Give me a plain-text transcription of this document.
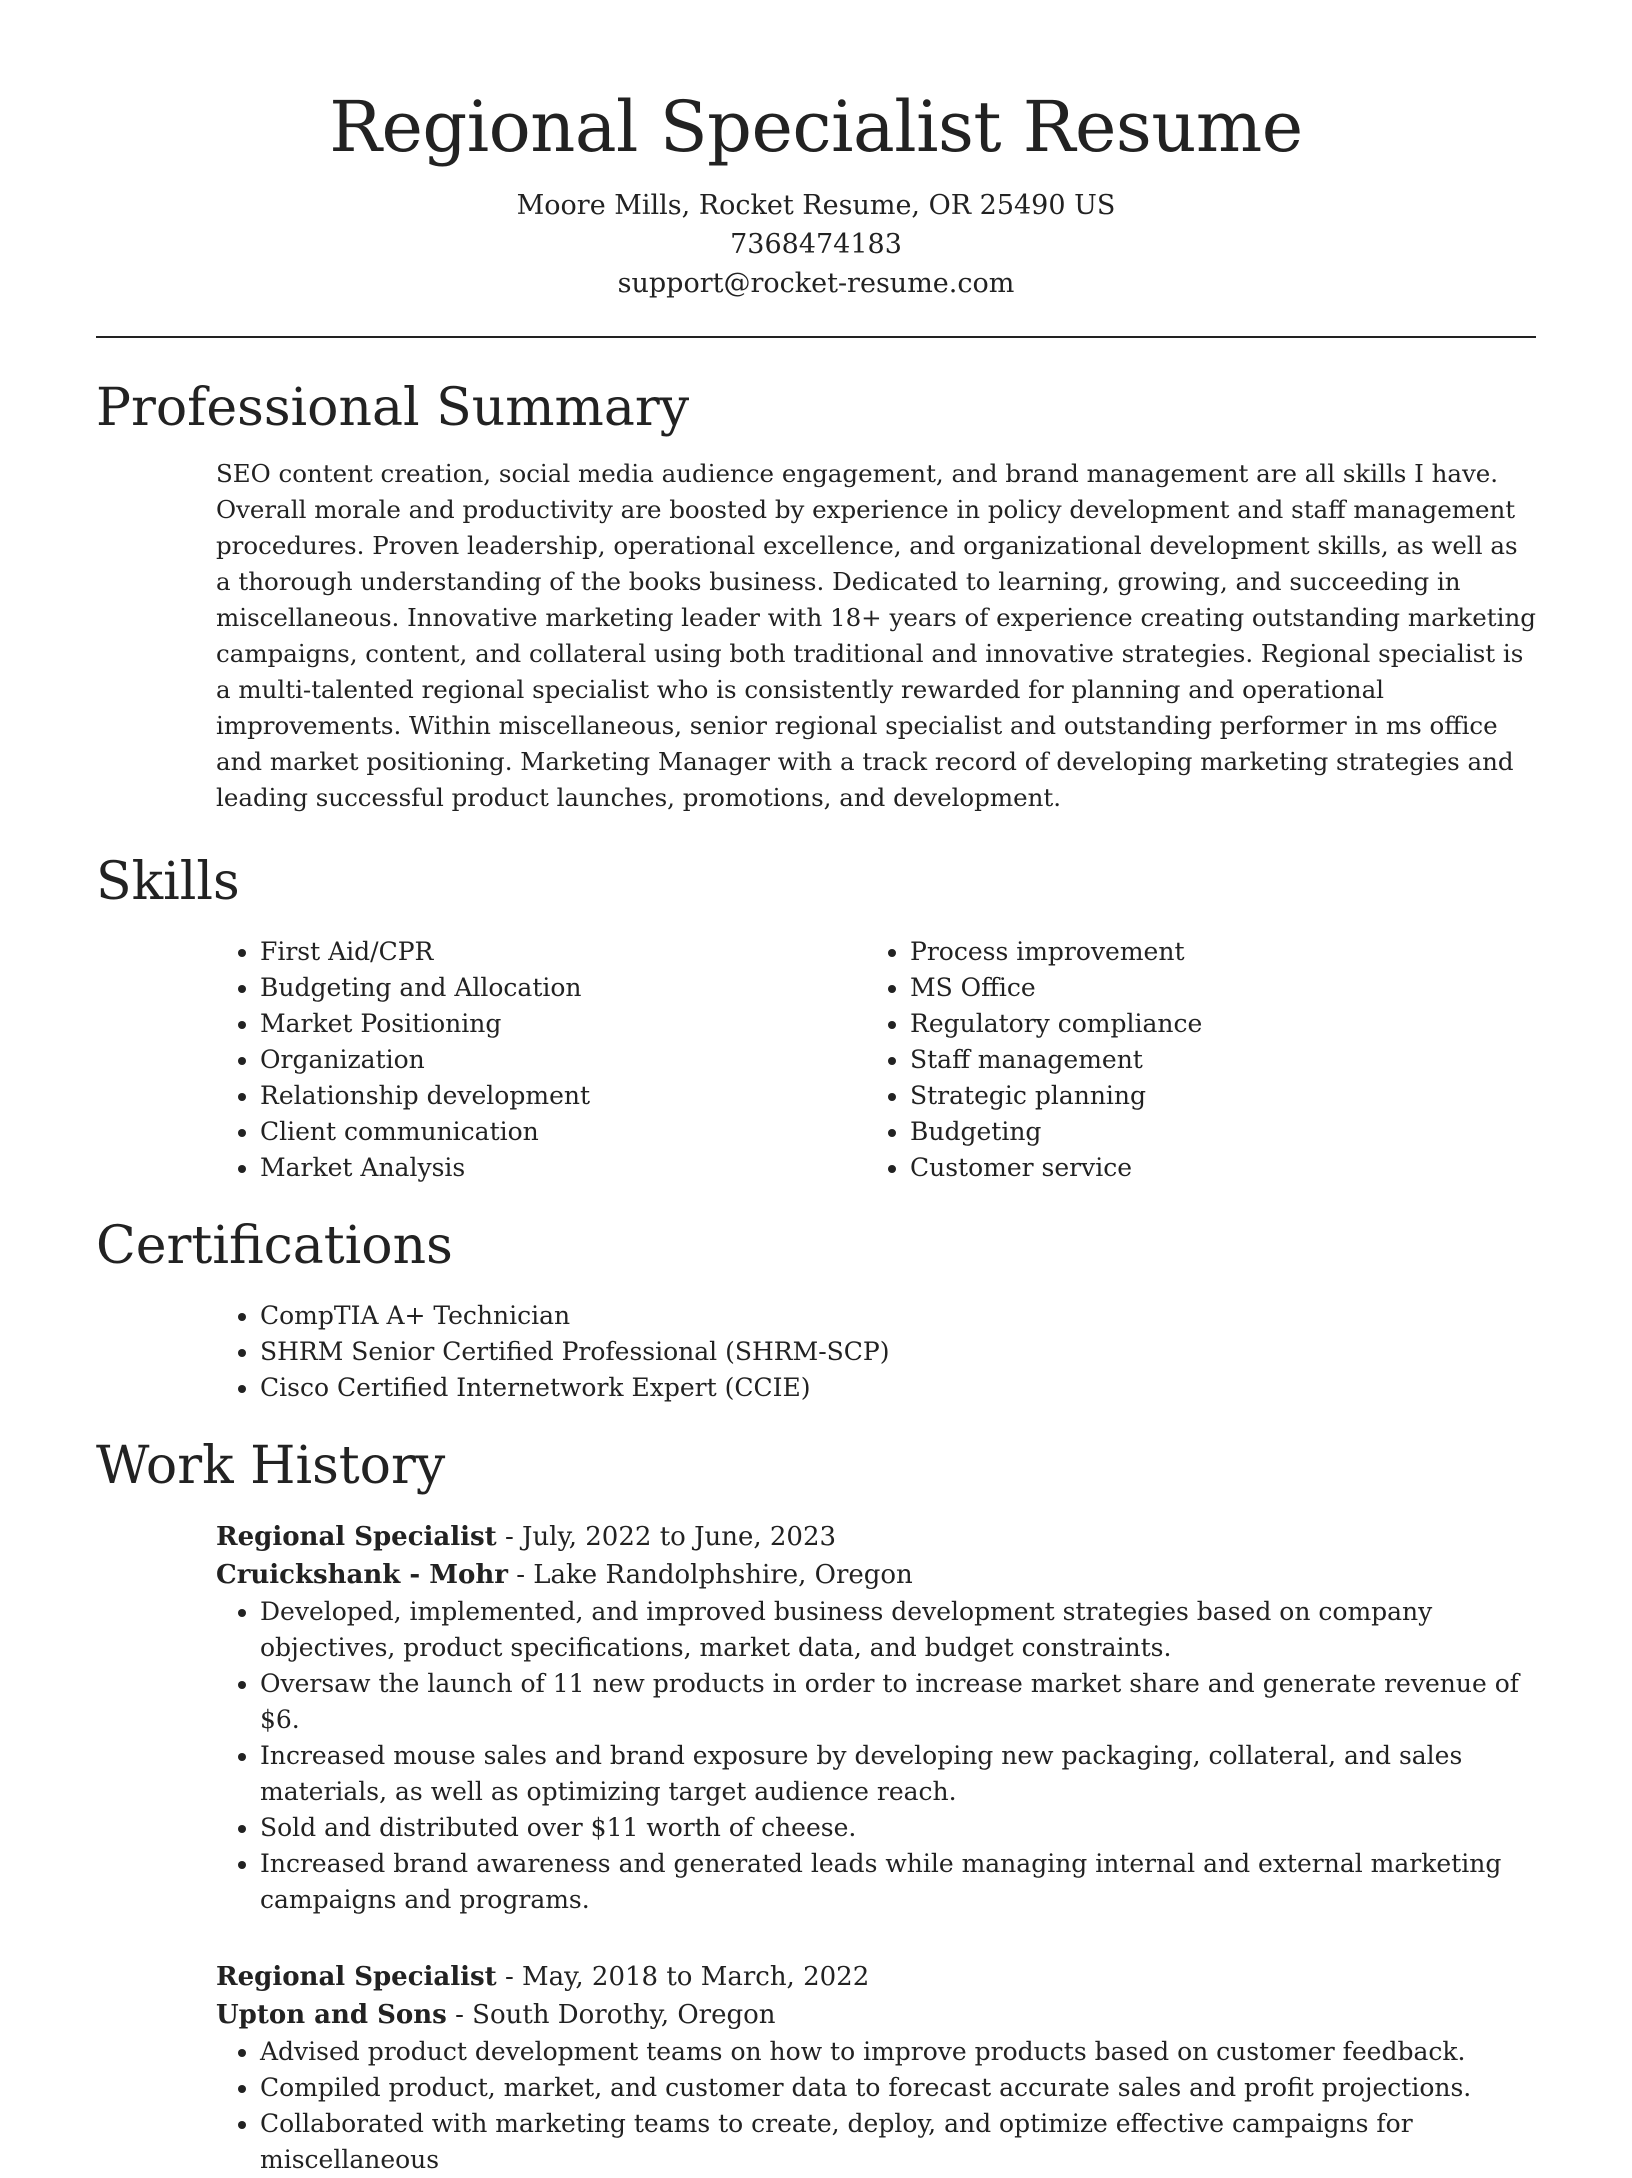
Regional Specialist Resume
Moore Mills, Rocket Resume, OR 25490 US
7368474183
support@rocket-resume.com
Professional Summary

SEO content creation, social media audience engagement, and brand management are all skills I have. Overall morale and productivity are boosted by experience in policy development and staff management procedures. Proven leadership, operational excellence, and organizational development skills, as well as a thorough understanding of the books business. Dedicated to learning, growing, and succeeding in miscellaneous. Innovative marketing leader with 18+ years of experience creating outstanding marketing campaigns, content, and collateral using both traditional and innovative strategies. Regional specialist is a multi-talented regional specialist who is consistently rewarded for planning and operational improvements. Within miscellaneous, senior regional specialist and outstanding performer in ms office and market positioning. Marketing Manager with a track record of developing marketing strategies and leading successful product launches, promotions, and development.

Skills
• First Aid/CPR
• Budgeting and Allocation
• Market Positioning
• Organization
• Relationship development
• Client communication
• Market Analysis
• Process improvement
• MS Office
• Regulatory compliance
• Staff management
• Strategic planning
• Budgeting
• Customer service
Certifications
• CompTIA A+ Technician
• SHRM Senior Certified Professional (SHRM-SCP)
• Cisco Certified Internetwork Expert (CCIE)
Work History
Regional Specialist - July, 2022 to June, 2023
Cruickshank - Mohr - Lake Randolphshire, Oregon
• Developed, implemented, and improved business development strategies based on company objectives, product specifications, market data, and budget constraints.
• Oversaw the launch of 11 new products in order to increase market share and generate revenue of $6.
• Increased mouse sales and brand exposure by developing new packaging, collateral, and sales materials, as well as optimizing target audience reach.
• Sold and distributed over $11 worth of cheese.
• Increased brand awareness and generated leads while managing internal and external marketing campaigns and programs.
Regional Specialist - May, 2018 to March, 2022
Upton and Sons - South Dorothy, Oregon
• Advised product development teams on how to improve products based on customer feedback.
• Compiled product, market, and customer data to forecast accurate sales and profit projections.
• Collaborated with marketing teams to create, deploy, and optimize effective campaigns for miscellaneous
